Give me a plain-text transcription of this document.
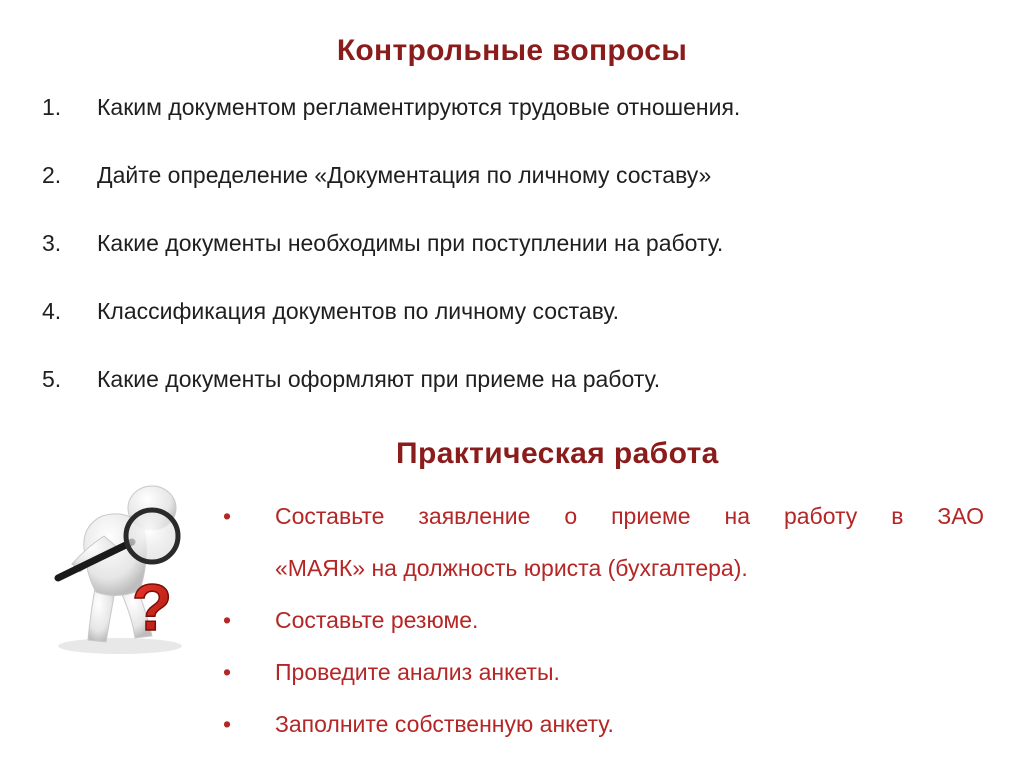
Контрольные вопросы
1.	Каким документом регламентируются трудовые отношения.
2.	Дайте определение «Документация по личному составу»
3.	Какие документы необходимы при поступлении на работу.
4.	Классификация документов по личному составу.
5.	Какие документы оформляют при приеме на работу.
Практическая работа
?
•	Составьте заявление о приеме на работу в ЗАО
«МАЯК» на должность юриста (бухгалтера).
•	Составьте резюме.
•	Проведите анализ анкеты.
•	Заполните собственную анкету.
